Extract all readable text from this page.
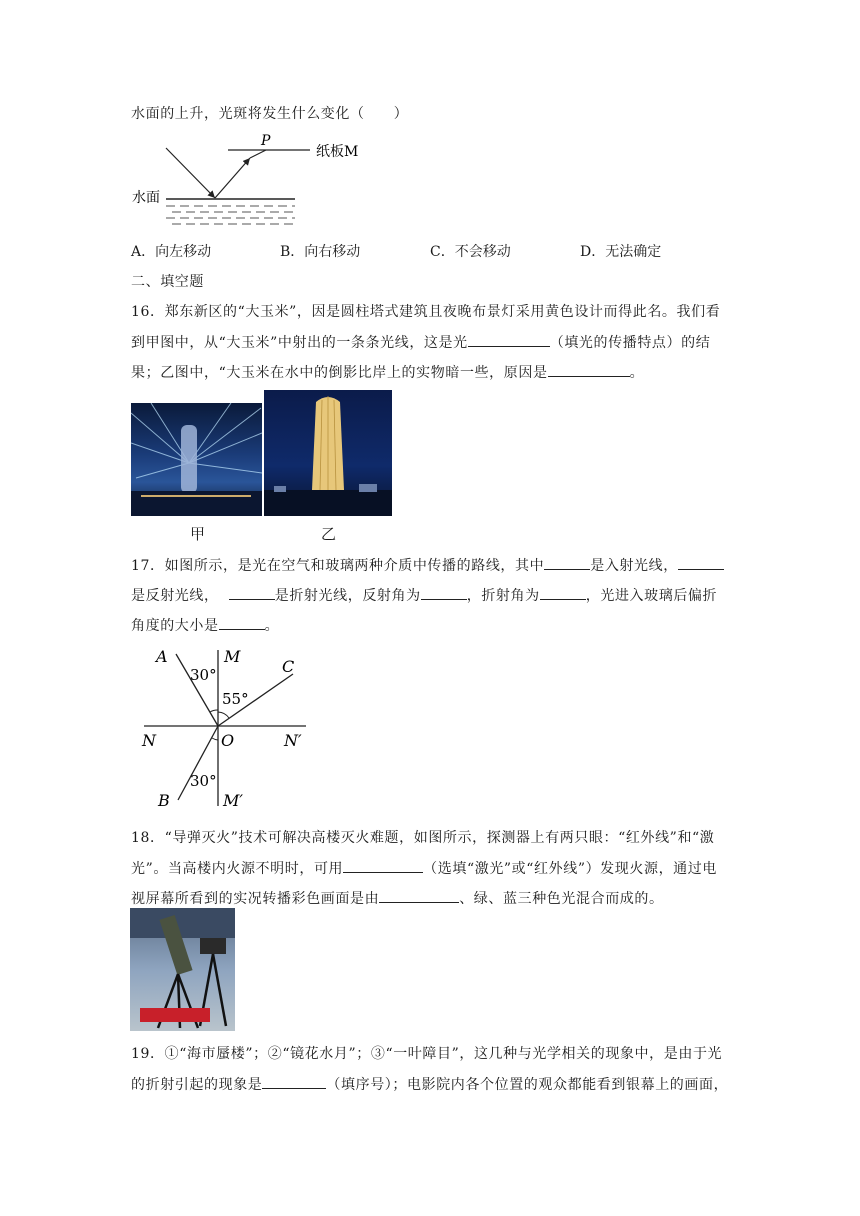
水面的上升，光斑将发生什么变化（　　）
P
纸板M
水面
A．向左移动	B．向右移动	C．不会移动	D．无法确定
二、填空题
16．郑东新区的“大玉米”，因是圆柱塔式建筑且夜晚布景灯采用黄色设计而得此名。我们看
到甲图中，从“大玉米”中射出的一条条光线，这是光	（填光的传播特点）的结
果；乙图中，“大玉米在水中的倒影比岸上的实物暗一些，原因是	。
甲	乙
17．如图所示，是光在空气和玻璃两种介质中传播的路线，其中	是入射光线，
是反射光线，	是折射光线，反射角为	，折射角为	，光进入玻璃后偏折
角度的大小是	。
A	M
C
30°
55°
N	O	N′
30°
B	M′
18．“导弹灭火”技术可解决高楼灭火难题，如图所示，探测器上有两只眼：“红外线”和“激
光”。当高楼内火源不明时，可用	（选填“激光”或“红外线”）发现火源，通过电
视屏幕所看到的实况转播彩色画面是由	、绿、蓝三种色光混合而成的。
19．①“海市蜃楼”；②“镜花水月”；③“一叶障目”，这几种与光学相关的现象中，是由于光
的折射引起的现象是	（填序号）；电影院内各个位置的观众都能看到银幕上的画面，
